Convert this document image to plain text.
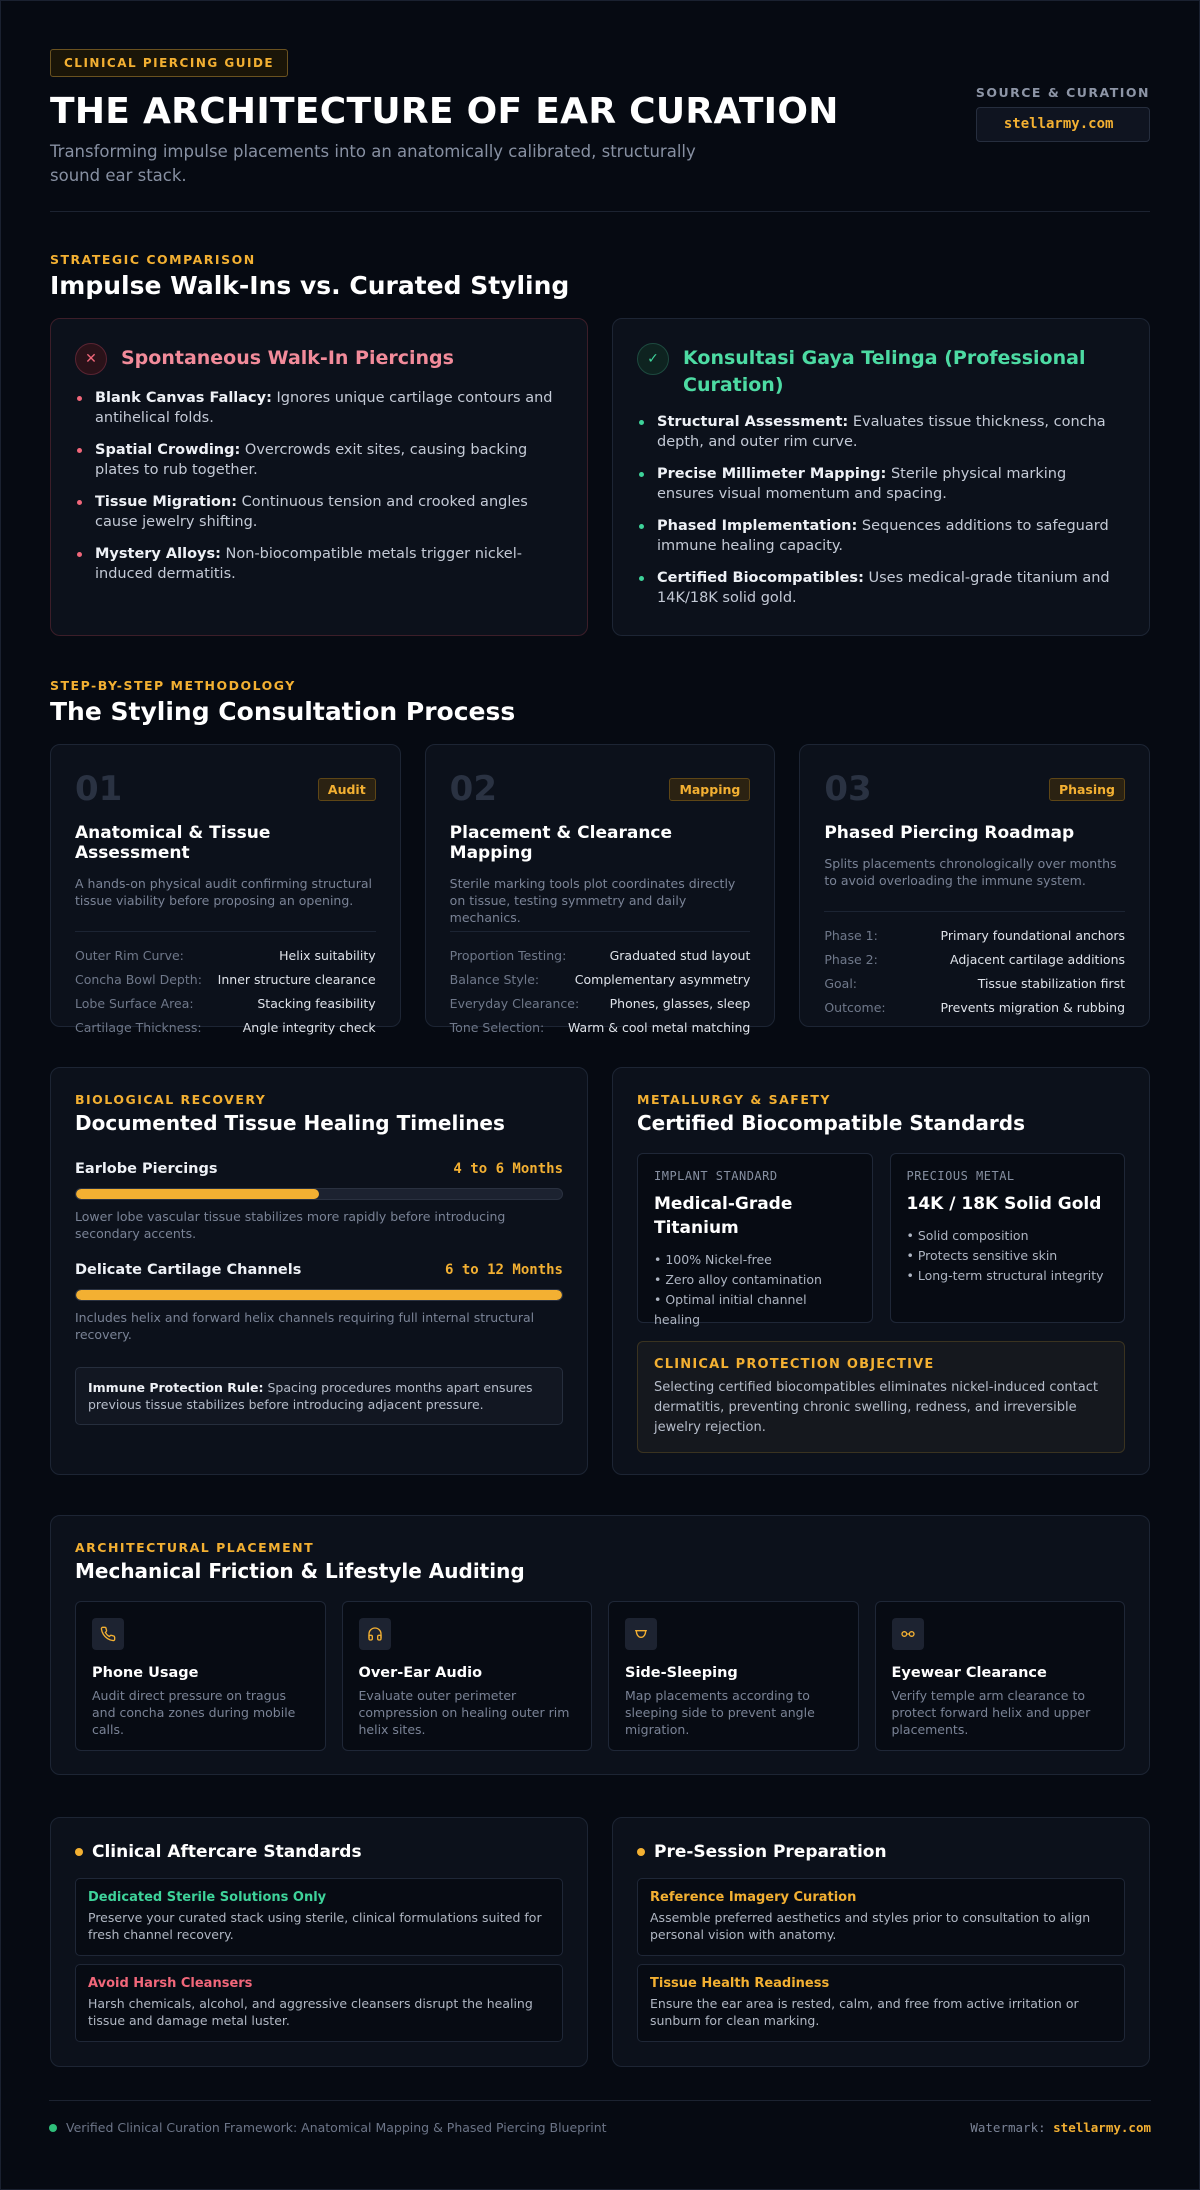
CLINICAL PIERCING GUIDE
THE ARCHITECTURE OF EAR CURATION
Transforming impulse placements into an anatomically calibrated, structurally sound ear stack.
SOURCE & CURATION
stellarmy.com
STRATEGIC COMPARISON
Impulse Walk-Ins vs. Curated Styling
✕	Spontaneous Walk-In Piercings
Blank Canvas Fallacy: Ignores unique cartilage contours and antihelical folds.
Spatial Crowding: Overcrowds exit sites, causing backing plates to rub together.
Tissue Migration: Continuous tension and crooked angles cause jewelry shifting.
Mystery Alloys: Non-biocompatible metals trigger nickel-induced dermatitis.
✓	Konsultasi Gaya Telinga (Professional Curation)
Structural Assessment: Evaluates tissue thickness, concha depth, and outer rim curve.
Precise Millimeter Mapping: Sterile physical marking ensures visual momentum and spacing.
Phased Implementation: Sequences additions to safeguard immune healing capacity.
Certified Biocompatibles: Uses medical-grade titanium and 14K/18K solid gold.
STEP-BY-STEP METHODOLOGY
The Styling Consultation Process
01	Audit
Anatomical & Tissue Assessment
A hands-on physical audit confirming structural tissue viability before proposing an opening.
Outer Rim Curve:	Helix suitability
Concha Bowl Depth: Inner structure clearance
Lobe Surface Area:	Stacking feasibility
Cartilage Thickness:	Angle integrity check
02	Mapping
Placement & Clearance Mapping
Sterile marking tools plot coordinates directly on tissue, testing symmetry and daily mechanics.
Proportion Testing:	Graduated stud layout
Balance Style:	Complementary asymmetry
Everyday Clearance: Phones, glasses, sleep
Tone Selection: Warm & cool metal matching
03	Phasing
Phased Piercing Roadmap
Splits placements chronologically over months to avoid overloading the immune system.
Phase 1:	Primary foundational anchors
Phase 2:	Adjacent cartilage additions
Goal:	Tissue stabilization first
Outcome:	Prevents migration & rubbing
BIOLOGICAL RECOVERY
Documented Tissue Healing Timelines
Earlobe Piercings	4 to 6 Months
Lower lobe vascular tissue stabilizes more rapidly before introducing secondary accents.
Delicate Cartilage Channels	6 to 12 Months
Includes helix and forward helix channels requiring full internal structural recovery.
Immune Protection Rule: Spacing procedures months apart ensures previous tissue stabilizes before introducing adjacent pressure.
METALLURGY & SAFETY
Certified Biocompatible Standards
IMPLANT STANDARD
Medical-Grade Titanium
• 100% Nickel-free
• Zero alloy contamination
• Optimal initial channel healing
PRECIOUS METAL
14K / 18K Solid Gold
• Solid composition
• Protects sensitive skin
• Long-term structural integrity
CLINICAL PROTECTION OBJECTIVE
Selecting certified biocompatibles eliminates nickel-induced contact dermatitis, preventing chronic swelling, redness, and irreversible jewelry rejection.
ARCHITECTURAL PLACEMENT
Mechanical Friction & Lifestyle Auditing
Phone Usage
Audit direct pressure on tragus and concha zones during mobile calls.
Over-Ear Audio
Evaluate outer perimeter compression on healing outer rim helix sites.
Side-Sleeping
Map placements according to sleeping side to prevent angle migration.
Eyewear Clearance
Verify temple arm clearance to protect forward helix and upper placements.
Clinical Aftercare Standards
Dedicated Sterile Solutions Only
Preserve your curated stack using sterile, clinical formulations suited for fresh channel recovery.
Avoid Harsh Cleansers
Harsh chemicals, alcohol, and aggressive cleansers disrupt the healing tissue and damage metal luster.
Pre-Session Preparation
Reference Imagery Curation
Assemble preferred aesthetics and styles prior to consultation to align personal vision with anatomy.
Tissue Health Readiness
Ensure the ear area is rested, calm, and free from active irritation or sunburn for clean marking.
Verified Clinical Curation Framework: Anatomical Mapping & Phased Piercing Blueprint	Watermark: stellarmy.com
